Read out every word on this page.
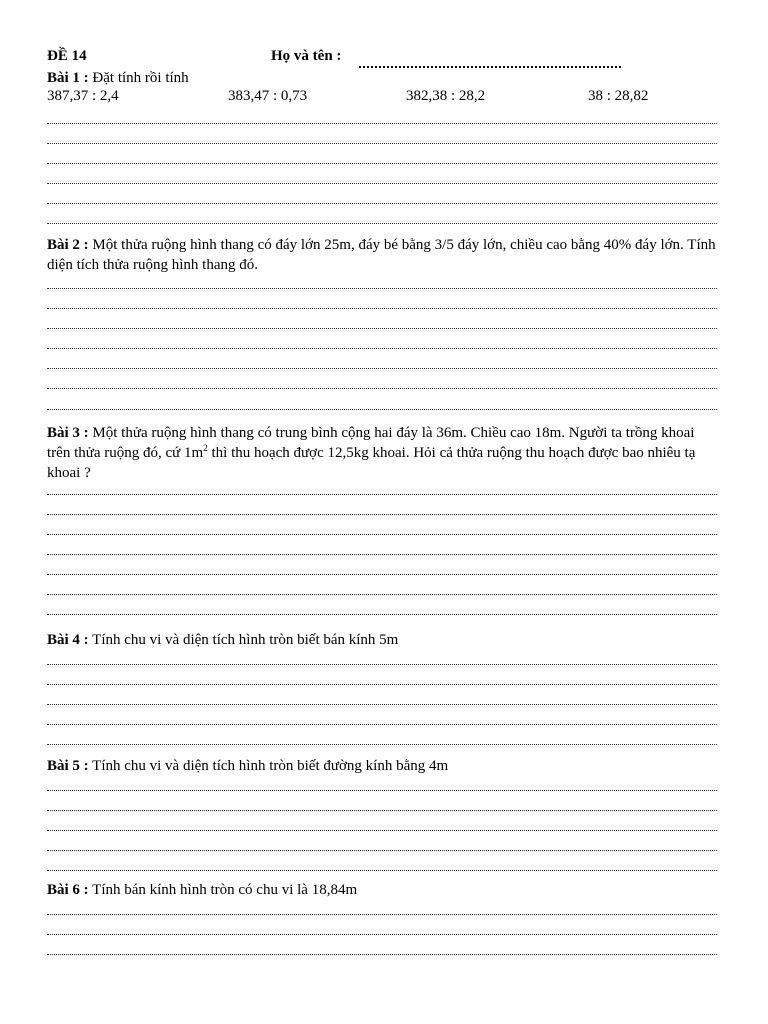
ĐỀ 14	Họ và tên :
Bài 1 : Đặt tính rồi tính
387,37 : 2,4	383,47 : 0,73	382,38 : 28,2	38 : 28,82
Bài 2 : Một thửa ruộng hình thang có đáy lớn 25m, đáy bé bằng 3/5 đáy lớn, chiều cao bằng 40% đáy lớn. Tính diện tích thửa ruộng hình thang đó.
Bài 3 : Một thửa ruộng hình thang có trung bình cộng hai đáy là 36m. Chiều cao 18m. Người ta trồng khoai trên thửa ruộng đó, cứ $1m^2$ thì thu hoạch được 12,5kg khoai. Hỏi cả thửa ruộng thu hoạch được bao nhiêu tạ khoai ?
Bài 4 : Tính chu vi và diện tích hình tròn biết bán kính 5m
Bài 5 : Tính chu vi và diện tích hình tròn biết đường kính bằng 4m
Bài 6 : Tính bán kính hình tròn có chu vi là 18,84m
